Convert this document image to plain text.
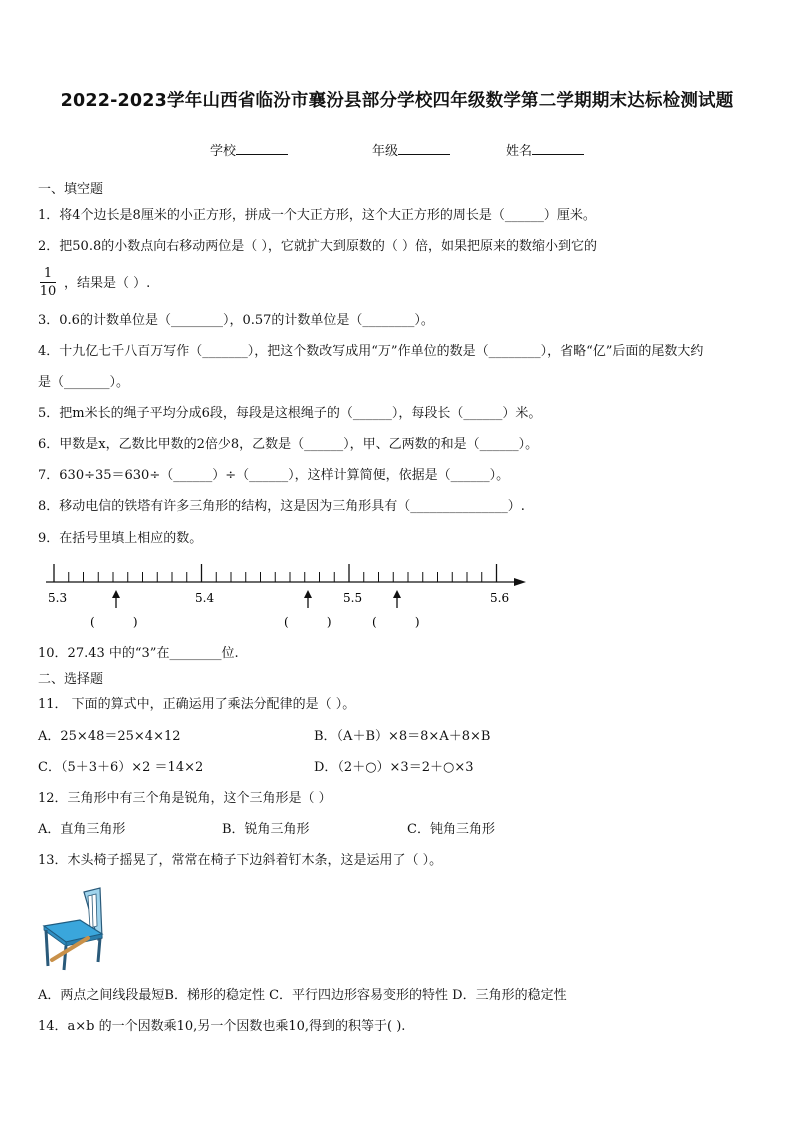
2022-2023学年山西省临汾市襄汾县部分学校四年级数学第二学期期末达标检测试题
学校	年级	姓名
一、填空题
1．将4个边长是8厘米的小正方形，拼成一个大正方形，这个大正方形的周长是（______）厘米。
2．把50.8的小数点向右移动两位是（ ），它就扩大到原数的（ ）倍，如果把原来的数缩小到它的
1
10
，结果是（ ）.
3．0.6的计数单位是（________），0.57的计数单位是（________）。
4．十九亿七千八百万写作（_______），把这个数改写成用“万”作单位的数是（________），省略“亿”后面的尾数大约
是（_______）。
5．把m米长的绳子平均分成6段，每段是这根绳子的（______），每段长（______）米。
6．甲数是x，乙数比甲数的2倍少8，乙数是（______），甲、乙两数的和是（______）。
7．630÷35＝630÷（______）÷（______），这样计算简便，依据是（______）。
8．移动电信的铁塔有许多三角形的结构，这是因为三角形具有（_______________）.
9．在括号里填上相应的数。
5.3	5.4	5.5	5.6
(          )	(          )	(          )
10．27.43 中的“3”在________位.
二、选择题
11． 下面的算式中，正确运用了乘法分配律的是（ ）。
A．25×48＝25×4×12	B．（A＋B）×8＝8×A＋8×B
C．（5＋3＋6）×2 ＝14×2	D．（2＋○）×3＝2＋○×3
12．三角形中有三个角是锐角，这个三角形是（ ）
A．直角三角形	B．锐角三角形	C．钝角三角形
13．木头椅子摇晃了，常常在椅子下边斜着钉木条，这是运用了（ ）。
A．两点之间线段最短B．梯形的稳定性 C．平行四边形容易变形的特性 D．三角形的稳定性
14．a×b 的一个因数乘10,另一个因数也乘10,得到的积等于( ).
